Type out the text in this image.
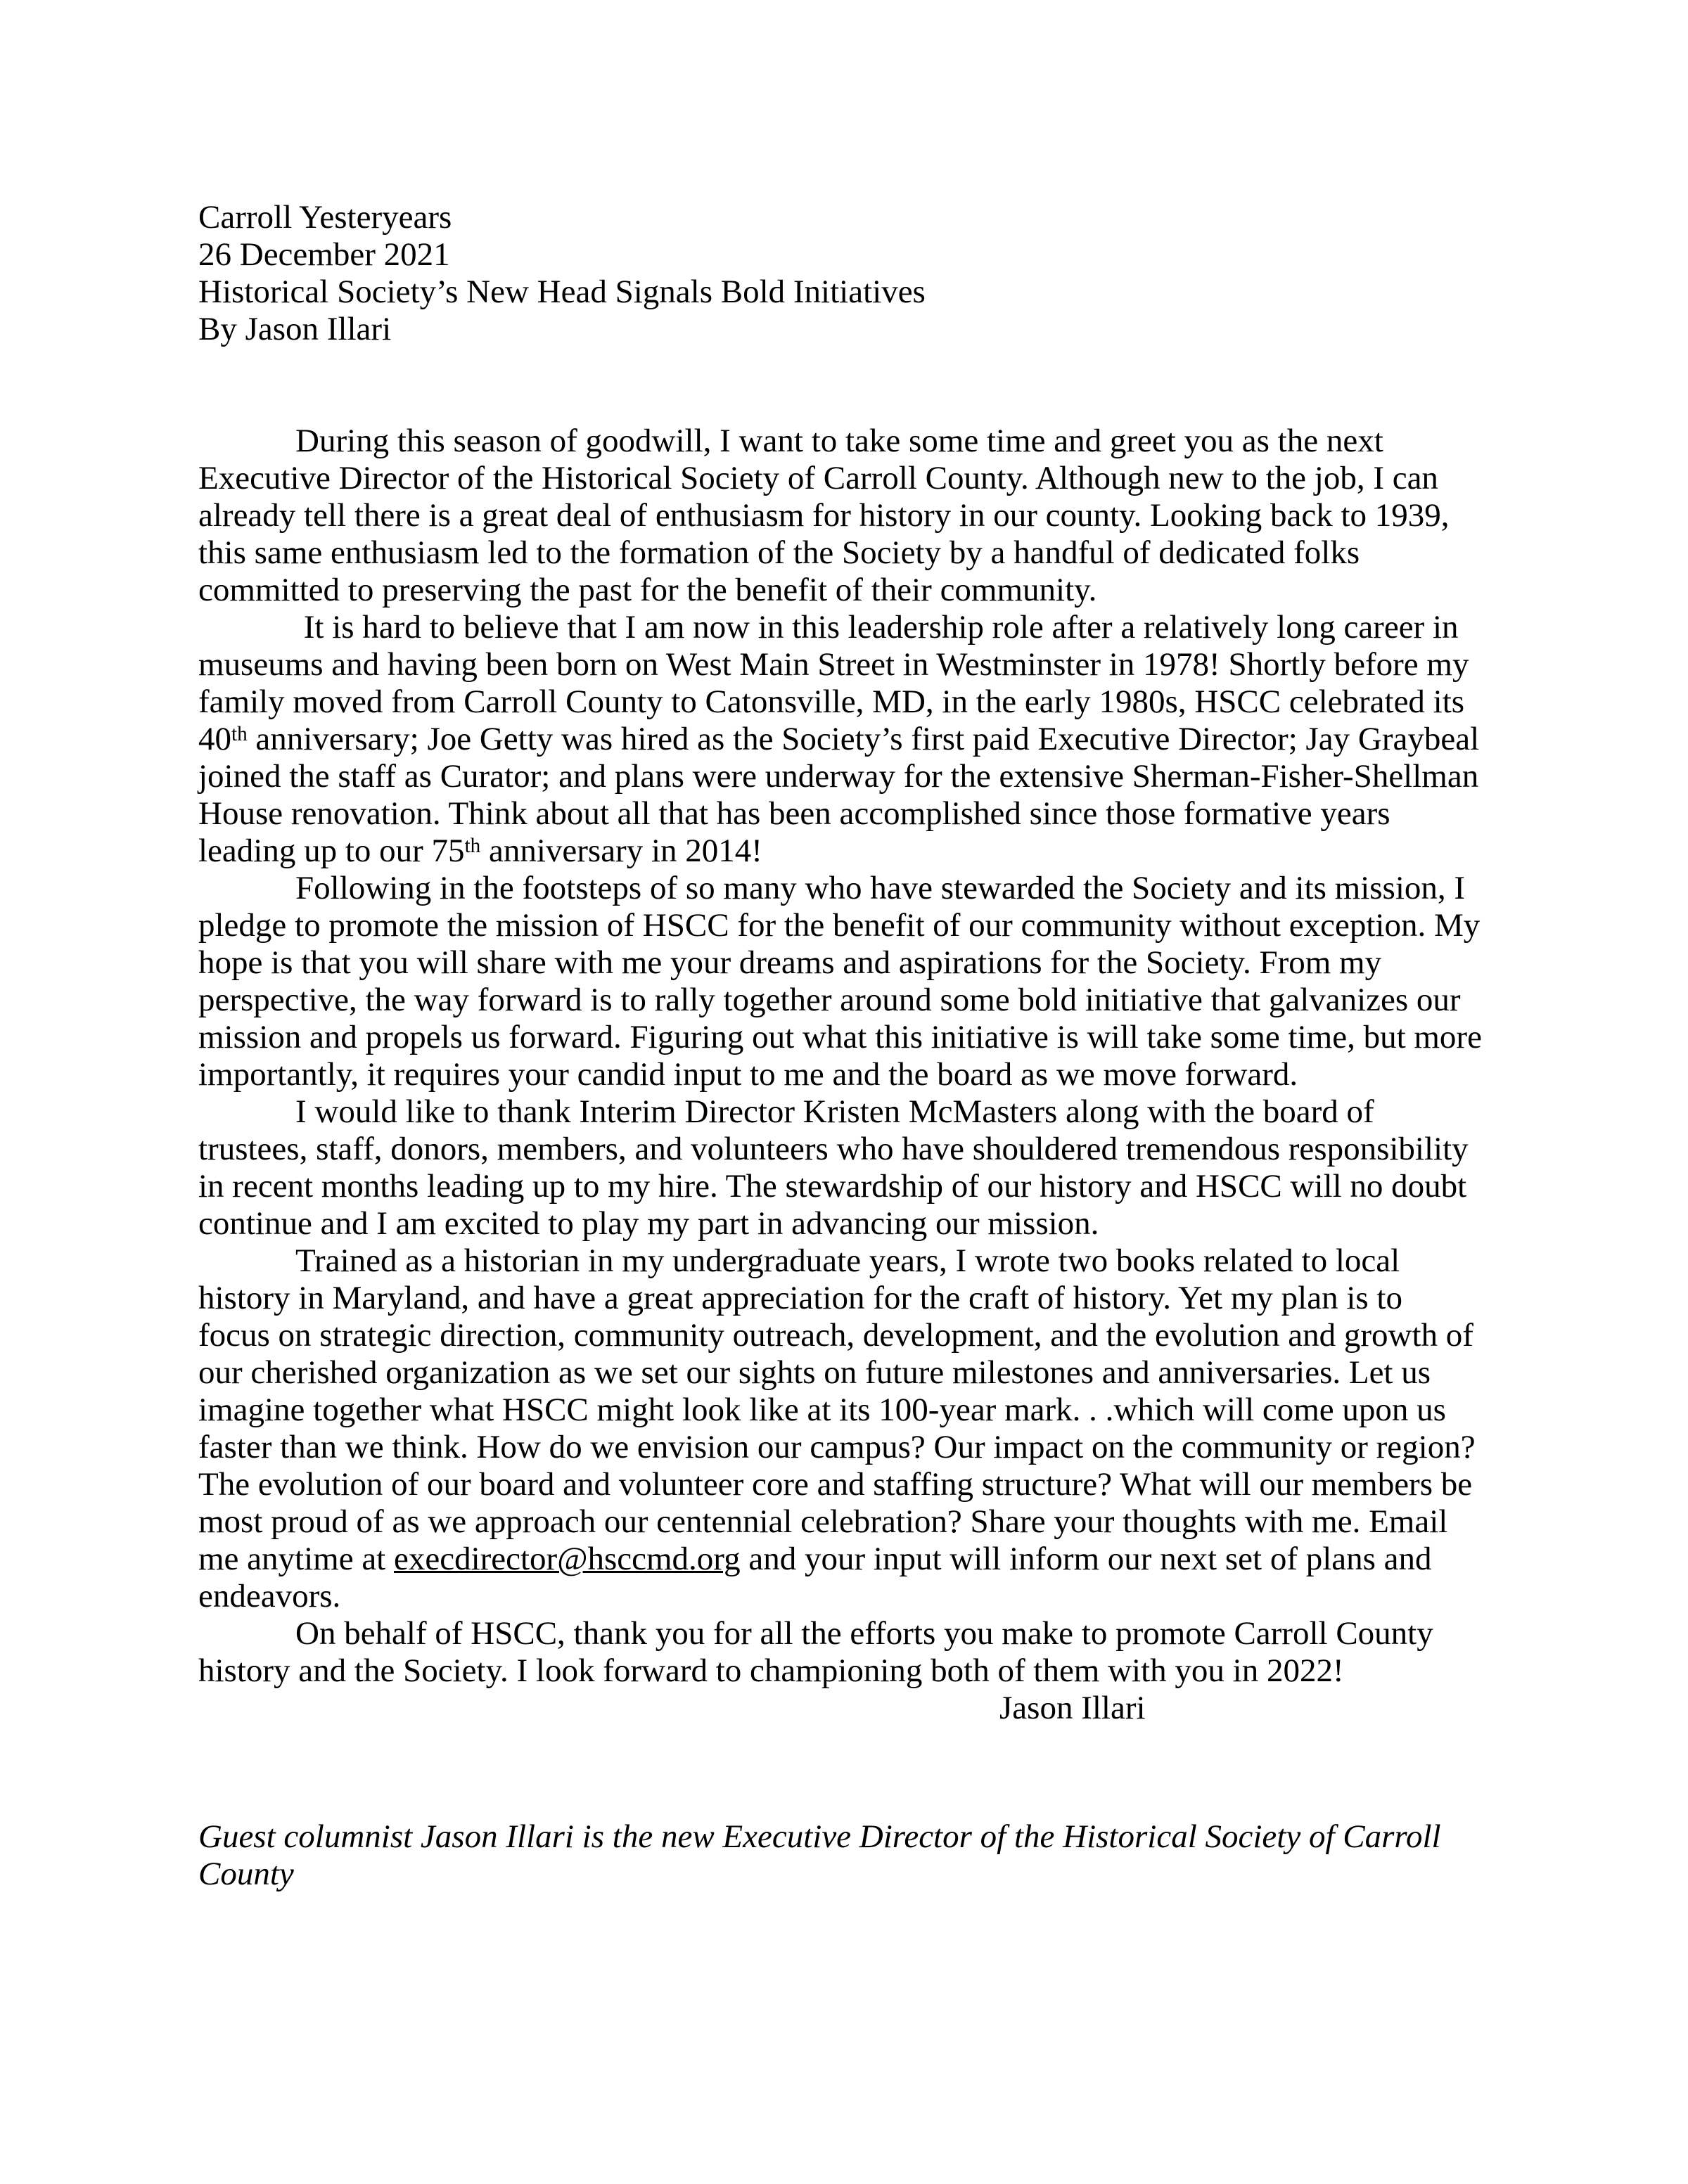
Carroll Yesteryears
26 December 2021
Historical Society’s New Head Signals Bold Initiatives
By Jason Illari

During this season of goodwill, I want to take some time and greet you as the next
Executive Director of the Historical Society of Carroll County. Although new to the job, I can
already tell there is a great deal of enthusiasm for history in our county. Looking back to 1939,
this same enthusiasm led to the formation of the Society by a handful of dedicated folks
committed to preserving the past for the benefit of their community.

It is hard to believe that I am now in this leadership role after a relatively long career in
museums and having been born on West Main Street in Westminster in 1978! Shortly before my
family moved from Carroll County to Catonsville, MD, in the early 1980s, HSCC celebrated its
40th anniversary; Joe Getty was hired as the Society’s first paid Executive Director; Jay Graybeal
joined the staff as Curator; and plans were underway for the extensive Sherman-Fisher-Shellman
House renovation. Think about all that has been accomplished since those formative years
leading up to our 75th anniversary in 2014!

Following in the footsteps of so many who have stewarded the Society and its mission, I
pledge to promote the mission of HSCC for the benefit of our community without exception. My
hope is that you will share with me your dreams and aspirations for the Society. From my
perspective, the way forward is to rally together around some bold initiative that galvanizes our
mission and propels us forward. Figuring out what this initiative is will take some time, but more
importantly, it requires your candid input to me and the board as we move forward.

I would like to thank Interim Director Kristen McMasters along with the board of
trustees, staff, donors, members, and volunteers who have shouldered tremendous responsibility
in recent months leading up to my hire. The stewardship of our history and HSCC will no doubt
continue and I am excited to play my part in advancing our mission.

Trained as a historian in my undergraduate years, I wrote two books related to local
history in Maryland, and have a great appreciation for the craft of history. Yet my plan is to
focus on strategic direction, community outreach, development, and the evolution and growth of
our cherished organization as we set our sights on future milestones and anniversaries. Let us
imagine together what HSCC might look like at its 100-year mark. . .which will come upon us
faster than we think. How do we envision our campus? Our impact on the community or region?
The evolution of our board and volunteer core and staffing structure? What will our members be
most proud of as we approach our centennial celebration? Share your thoughts with me. Email
me anytime at execdirector@hsccmd.org and your input will inform our next set of plans and
endeavors.

On behalf of HSCC, thank you for all the efforts you make to promote Carroll County
history and the Society. I look forward to championing both of them with you in 2022!

Jason Illari
Guest columnist Jason Illari is the new Executive Director of the Historical Society of Carroll
County
